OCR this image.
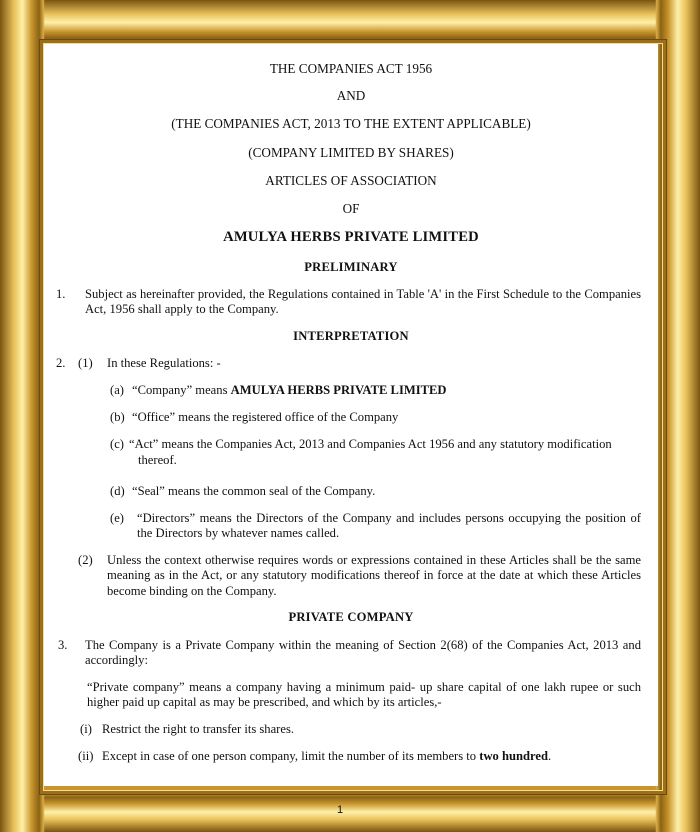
THE COMPANIES ACT 1956
AND
(THE COMPANIES ACT, 2013 TO THE EXTENT APPLICABLE)
(COMPANY LIMITED BY SHARES)
ARTICLES OF ASSOCIATION
OF
AMULYA HERBS PRIVATE LIMITED
PRELIMINARY
1. Subject as hereinafter provided, the Regulations contained in Table 'A' in the First Schedule to the Companies Act, 1956 shall apply to the Company.
INTERPRETATION
2. (1) In these Regulations: -
(a) “Company” means AMULYA HERBS PRIVATE LIMITED
(b) “Office” means the registered office of the Company
(c) “Act” means the Companies Act, 2013 and Companies Act 1956 and any statutory modification
thereof.
(d) “Seal” means the common seal of the Company.
(e) “Directors” means the Directors of the Company and includes persons occupying the position of the Directors by whatever names called.
(2) Unless the context otherwise requires words or expressions contained in these Articles shall be the same meaning as in the Act, or any statutory modifications thereof in force at the date at which these Articles become binding on the Company.
PRIVATE COMPANY
3. The Company is a Private Company within the meaning of Section 2(68) of the Companies Act, 2013 and accordingly:
“Private company” means a company having a minimum paid- up share capital of one lakh rupee or such higher paid up capital as may be prescribed, and which by its articles,-
(i) Restrict the right to transfer its shares.
(ii) Except in case of one person company, limit the number of its members to two hundred.
1
